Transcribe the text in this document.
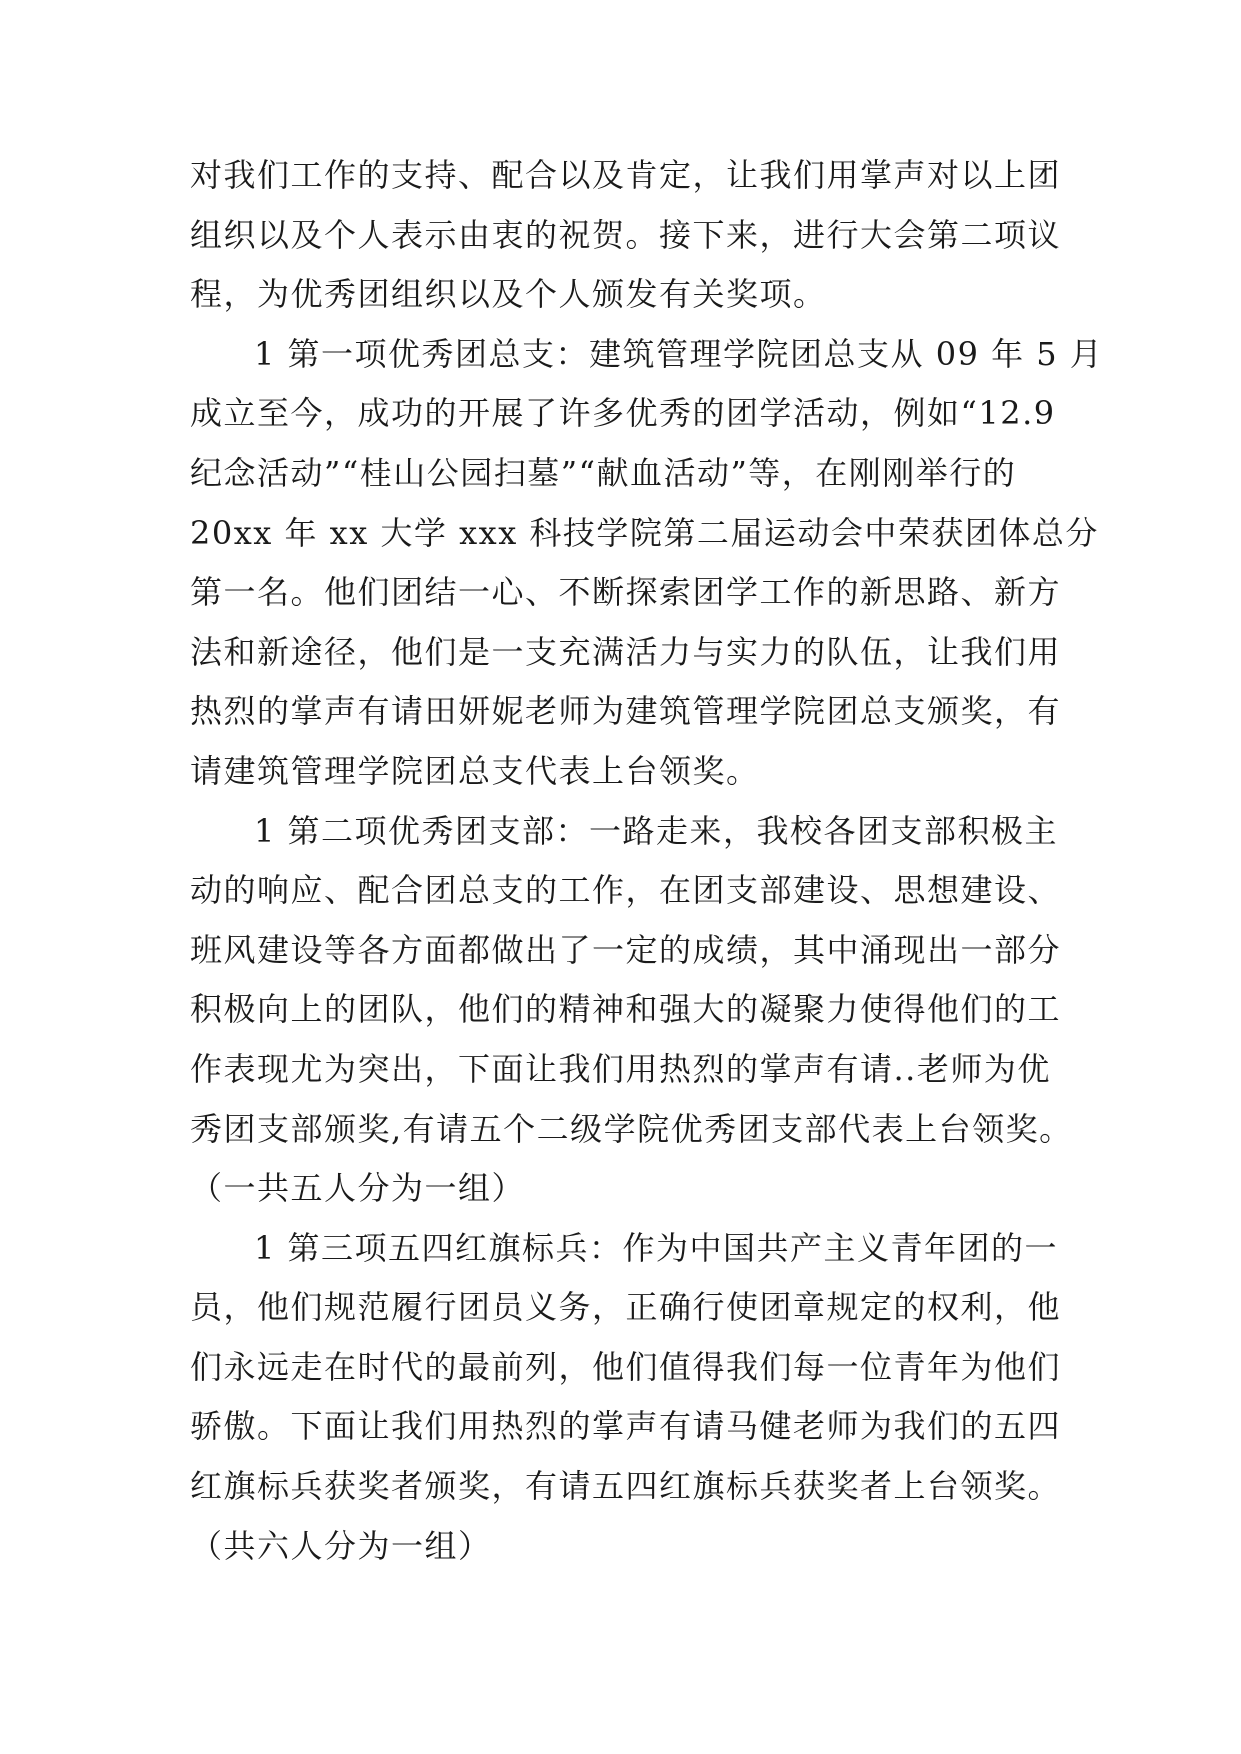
对我们工作的支持、配合以及肯定，让我们用掌声对以上团
组织以及个人表示由衷的祝贺。接下来，进行大会第二项议
程，为优秀团组织以及个人颁发有关奖项。
1 第一项优秀团总支：建筑管理学院团总支从 09 年 5 月
成立至今，成功的开展了许多优秀的团学活动，例如“12.9
纪念活动”“桂山公园扫墓”“献血活动”等，在刚刚举行的
20xx 年 xx 大学 xxx 科技学院第二届运动会中荣获团体总分
第一名。他们团结一心、不断探索团学工作的新思路、新方
法和新途径，他们是一支充满活力与实力的队伍，让我们用
热烈的掌声有请田妍妮老师为建筑管理学院团总支颁奖，有
请建筑管理学院团总支代表上台领奖。
1 第二项优秀团支部：一路走来，我校各团支部积极主
动的响应、配合团总支的工作，在团支部建设、思想建设、
班风建设等各方面都做出了一定的成绩，其中涌现出一部分
积极向上的团队，他们的精神和强大的凝聚力使得他们的工
作表现尤为突出，下面让我们用热烈的掌声有请..老师为优
秀团支部颁奖,有请五个二级学院优秀团支部代表上台领奖。
（一共五人分为一组）
1 第三项五四红旗标兵：作为中国共产主义青年团的一
员，他们规范履行团员义务，正确行使团章规定的权利，他
们永远走在时代的最前列，他们值得我们每一位青年为他们
骄傲。下面让我们用热烈的掌声有请马健老师为我们的五四
红旗标兵获奖者颁奖，有请五四红旗标兵获奖者上台领奖。
（共六人分为一组）
